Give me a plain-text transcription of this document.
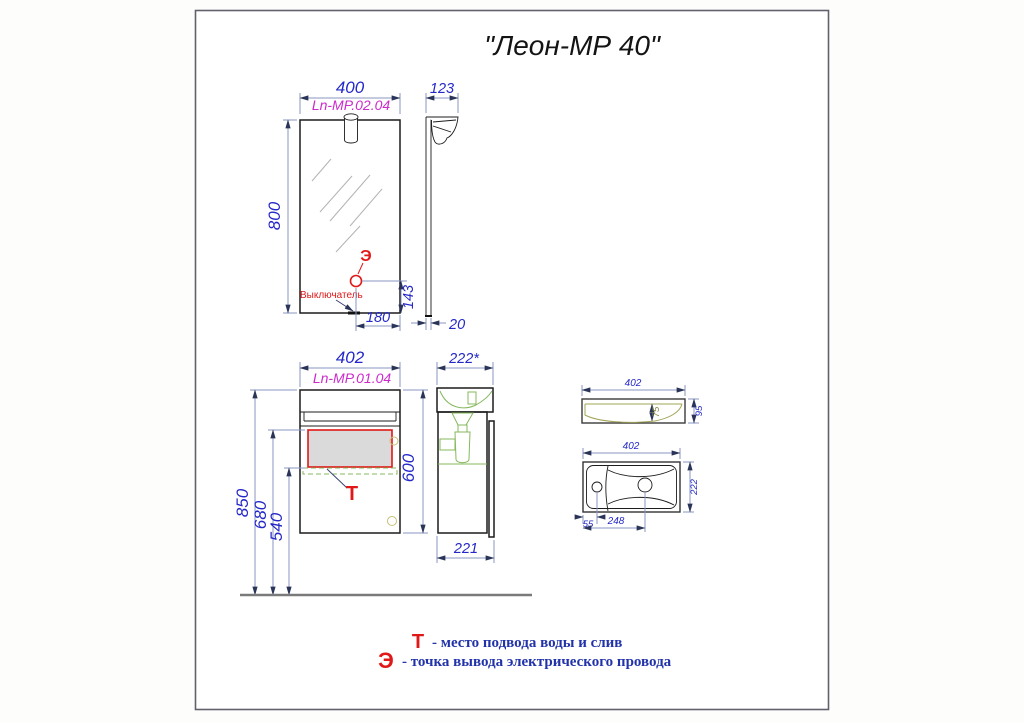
"Леон-МР 40"
Э
Выключатель
400
Ln-MP.02.04
800
143
180
123
20
Т
402
Ln-MP.01.04
600
850 680
540
222*
221
402
95
75
402
222
55 248
Т - место подвода воды и слив
Э - точка вывода электрического провода
